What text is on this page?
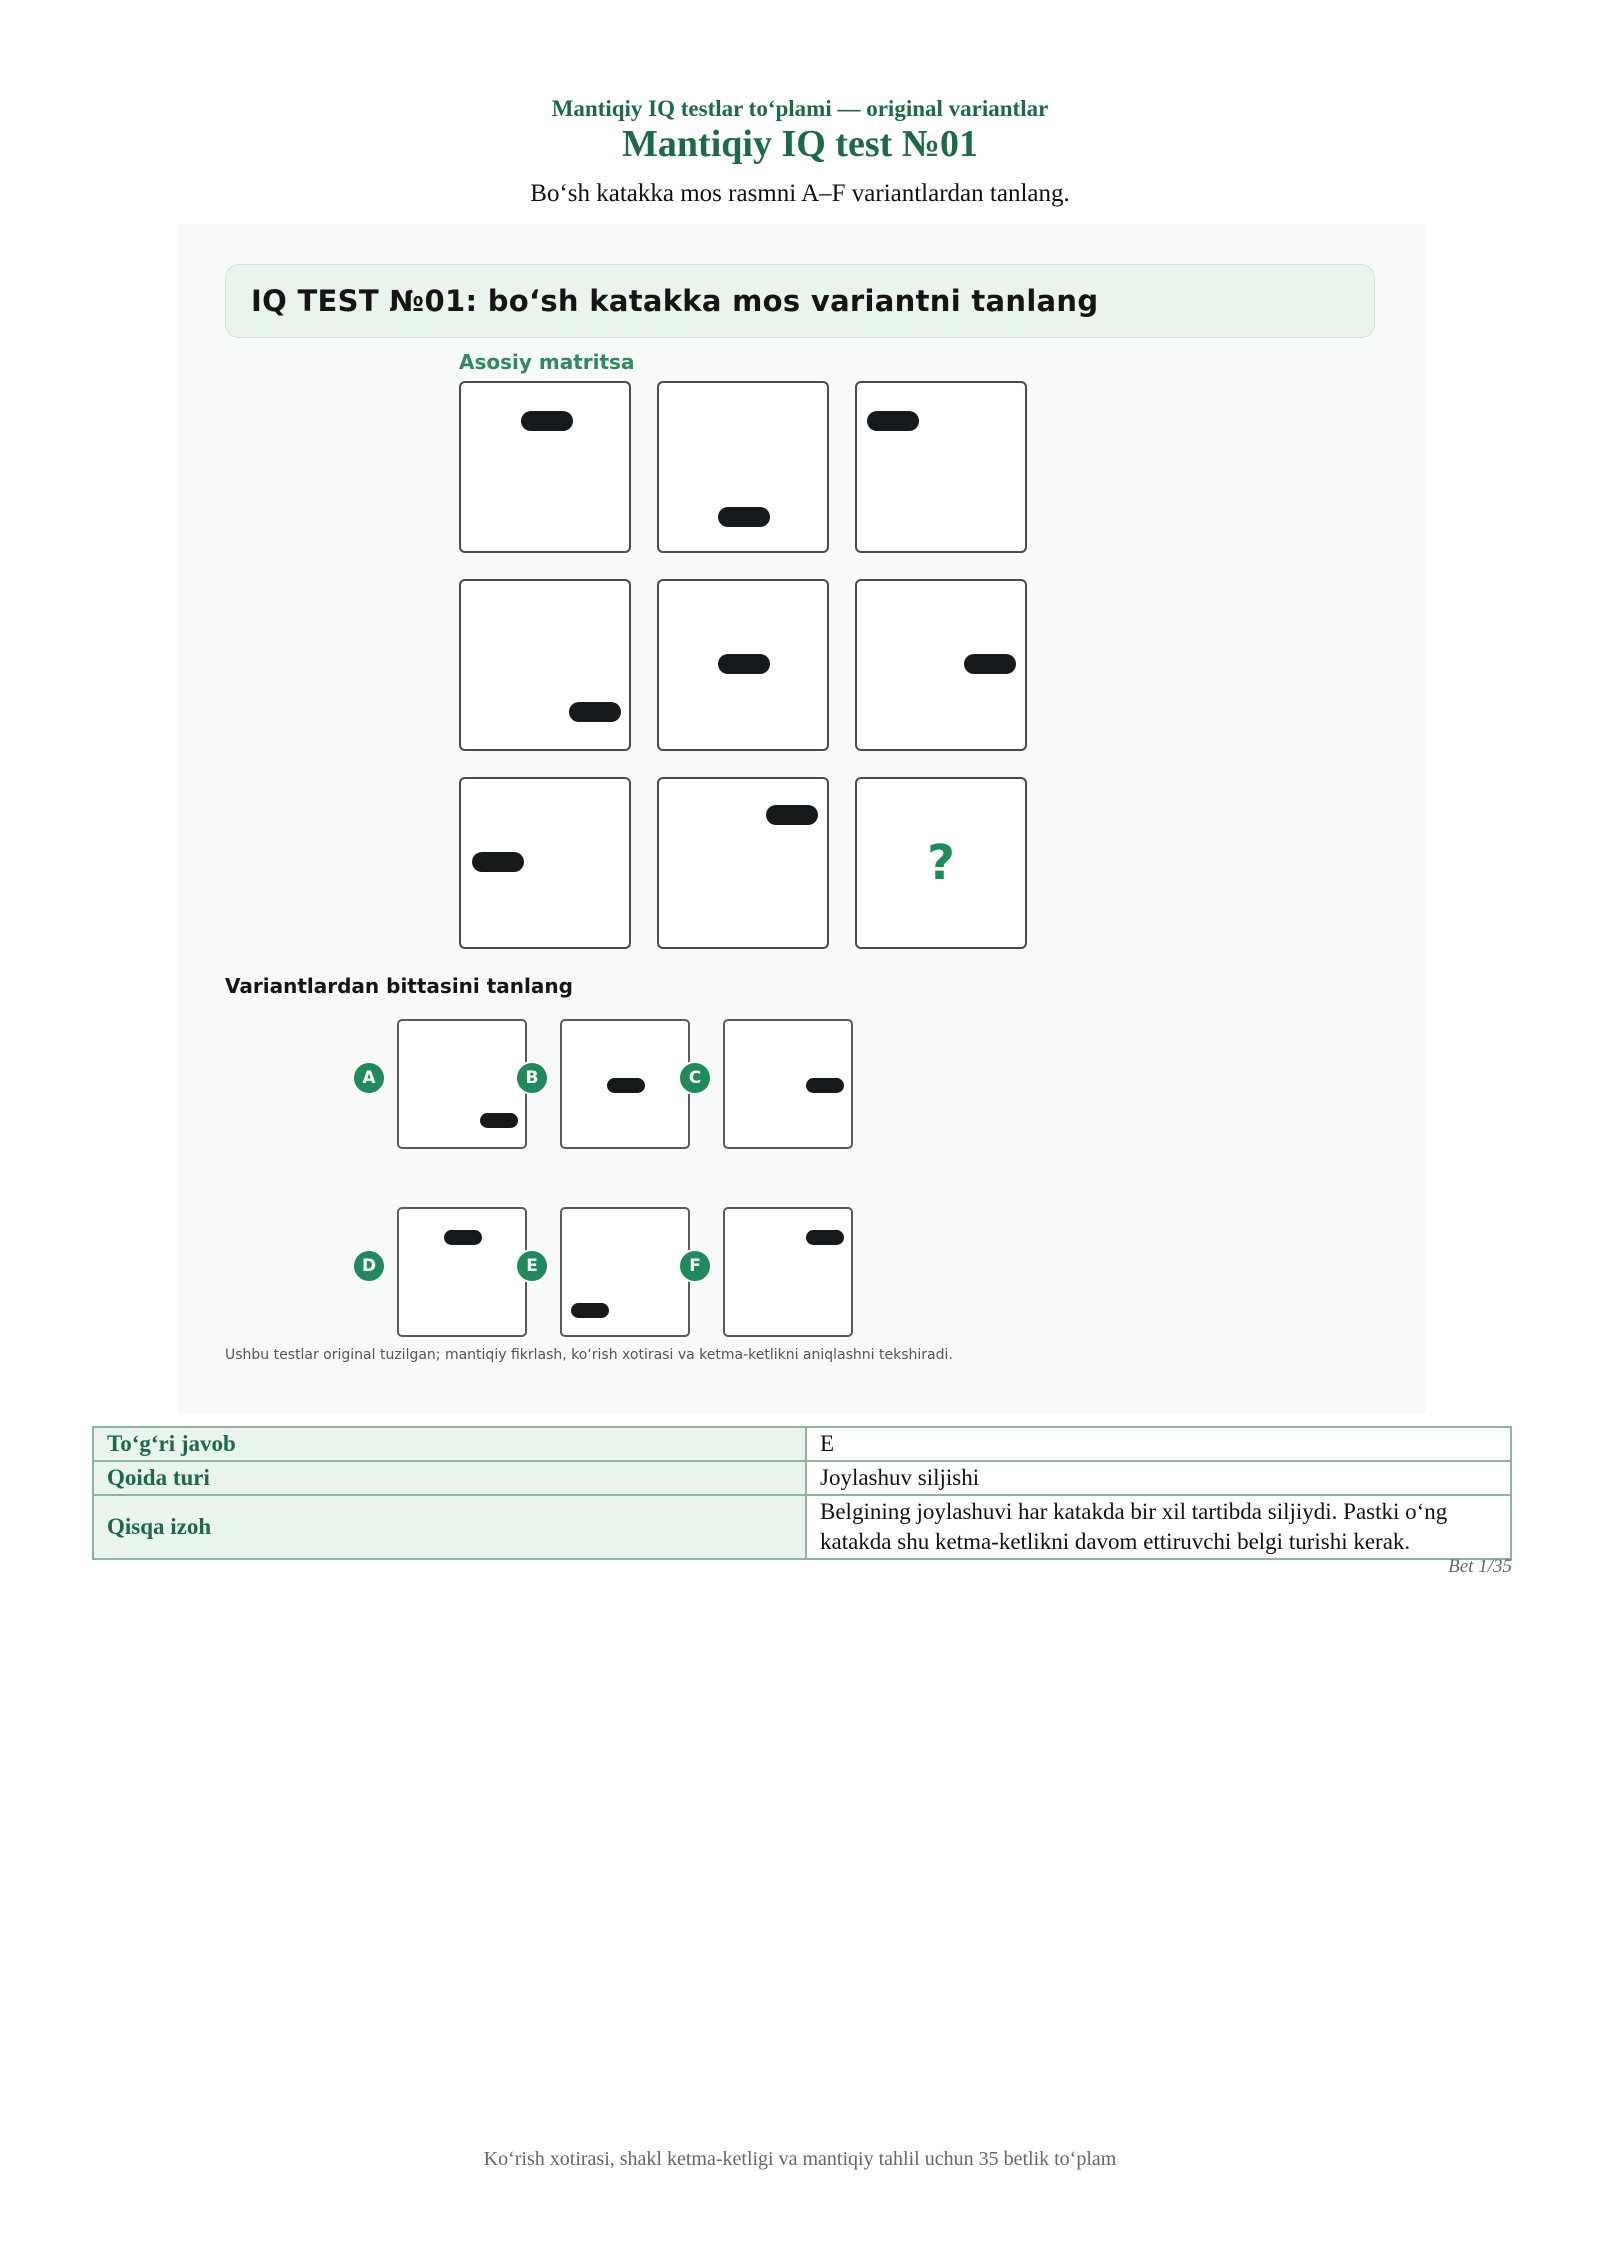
Mantiqiy IQ testlar to‘plami — original variantlar
Mantiqiy IQ test №01
Bo‘sh katakka mos rasmni A–F variantlardan tanlang.
IQ TEST №01: bo‘sh katakka mos variantni tanlang
Asosiy matritsa
?
Variantlardan bittasini tanlang
A	B	C
D	E	F
Ushbu testlar original tuzilgan; mantiqiy fikrlash, ko‘rish xotirasi va ketma-ketlikni aniqlashni tekshiradi.
To‘g‘ri javob	E
Qoida turi	Joylashuv siljishi
Qisqa izoh	Belgining joylashuvi har katakda bir xil tartibda siljiydi. Pastki o‘ng katakda shu ketma-ketlikni davom ettiruvchi belgi turishi kerak.
Bet 1/35
Ko‘rish xotirasi, shakl ketma-ketligi va mantiqiy tahlil uchun 35 betlik to‘plam
